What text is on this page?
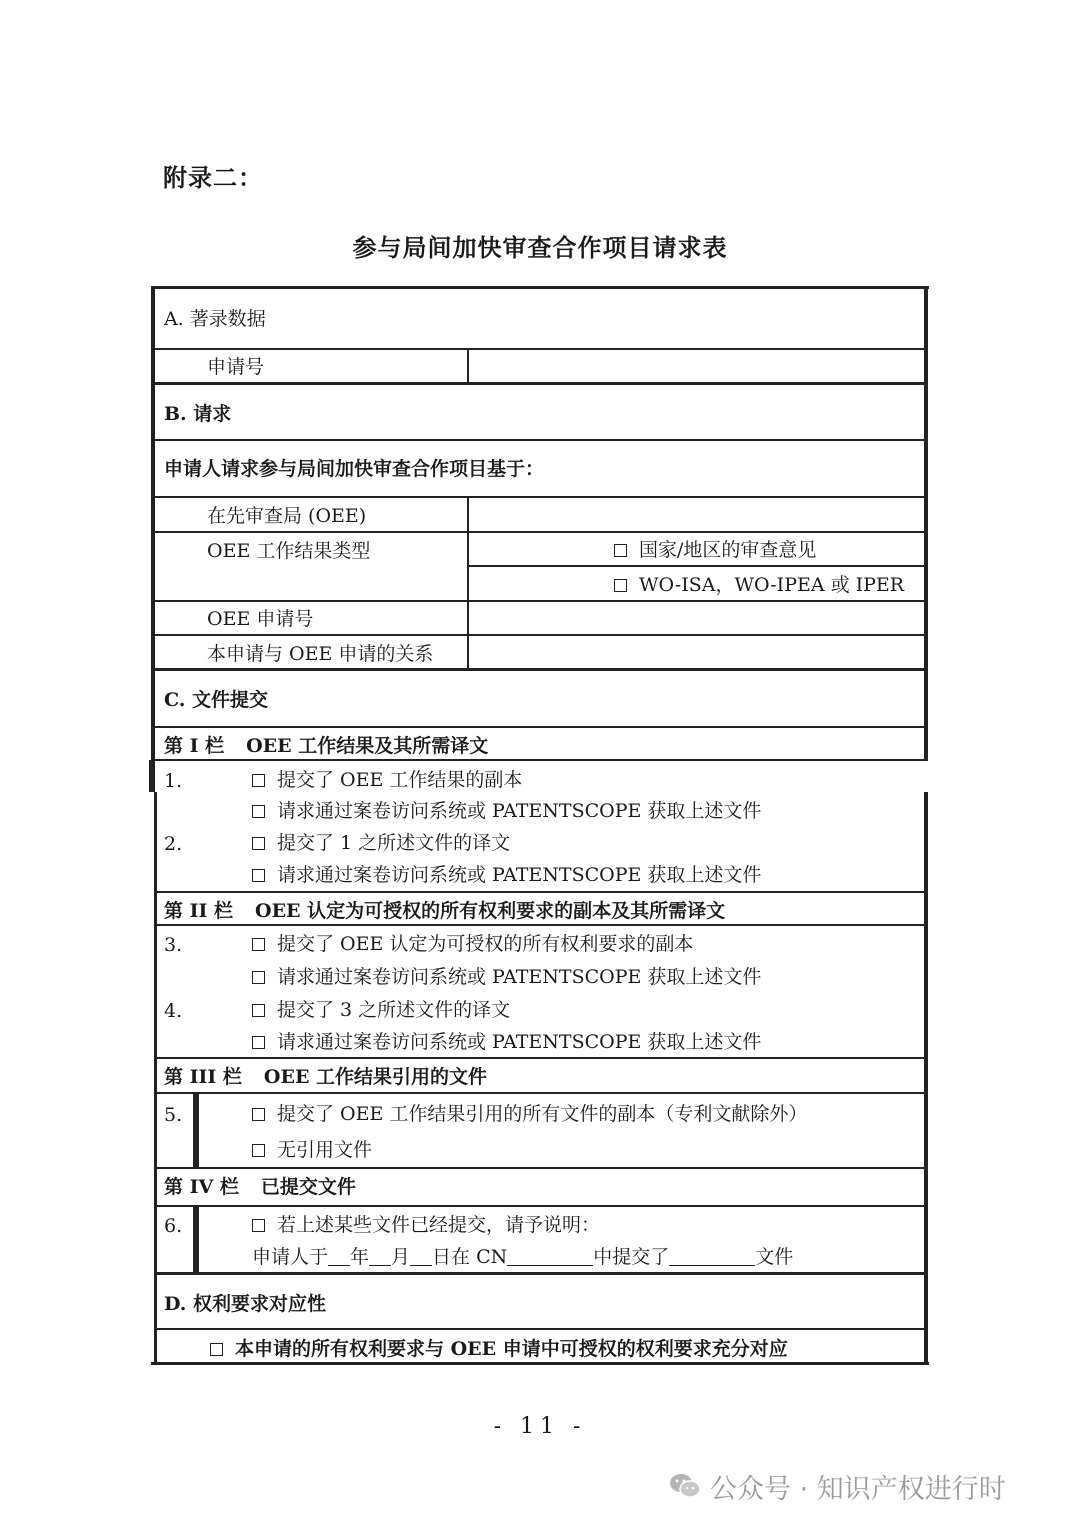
附录二：
参与局间加快审查合作项目请求表
A. 著录数据
申请号
B. 请求
申请人请求参与局间加快审查合作项目基于：
在先审查局 (OEE)
OEE 工作结果类型	国家/地区的审查意见
WO-ISA，WO-IPEA 或 IPER
OEE 申请号
本申请与 OEE 申请的关系
C. 文件提交
第 I 栏 OEE 工作结果及其所需译文
1.	提交了 OEE 工作结果的副本
请求通过案卷访问系统或 PATENTSCOPE 获取上述文件
2.	提交了 1 之所述文件的译文
请求通过案卷访问系统或 PATENTSCOPE 获取上述文件
第 II 栏 OEE 认定为可授权的所有权利要求的副本及其所需译文
3.	提交了 OEE 认定为可授权的所有权利要求的副本
请求通过案卷访问系统或 PATENTSCOPE 获取上述文件
4.	提交了 3 之所述文件的译文
请求通过案卷访问系统或 PATENTSCOPE 获取上述文件
第 III 栏 OEE 工作结果引用的文件
5.	提交了 OEE 工作结果引用的所有文件的副本（专利文献除外）
无引用文件
第 IV 栏 已提交文件
6.	若上述某些文件已经提交，请予说明：
申请人于 年 月 日在 CN	中提交了	文件
D. 权利要求对应性
本申请的所有权利要求与 OEE 申请中可授权的权利要求充分对应
- 11 -
公众号 · 知识产权进行时
